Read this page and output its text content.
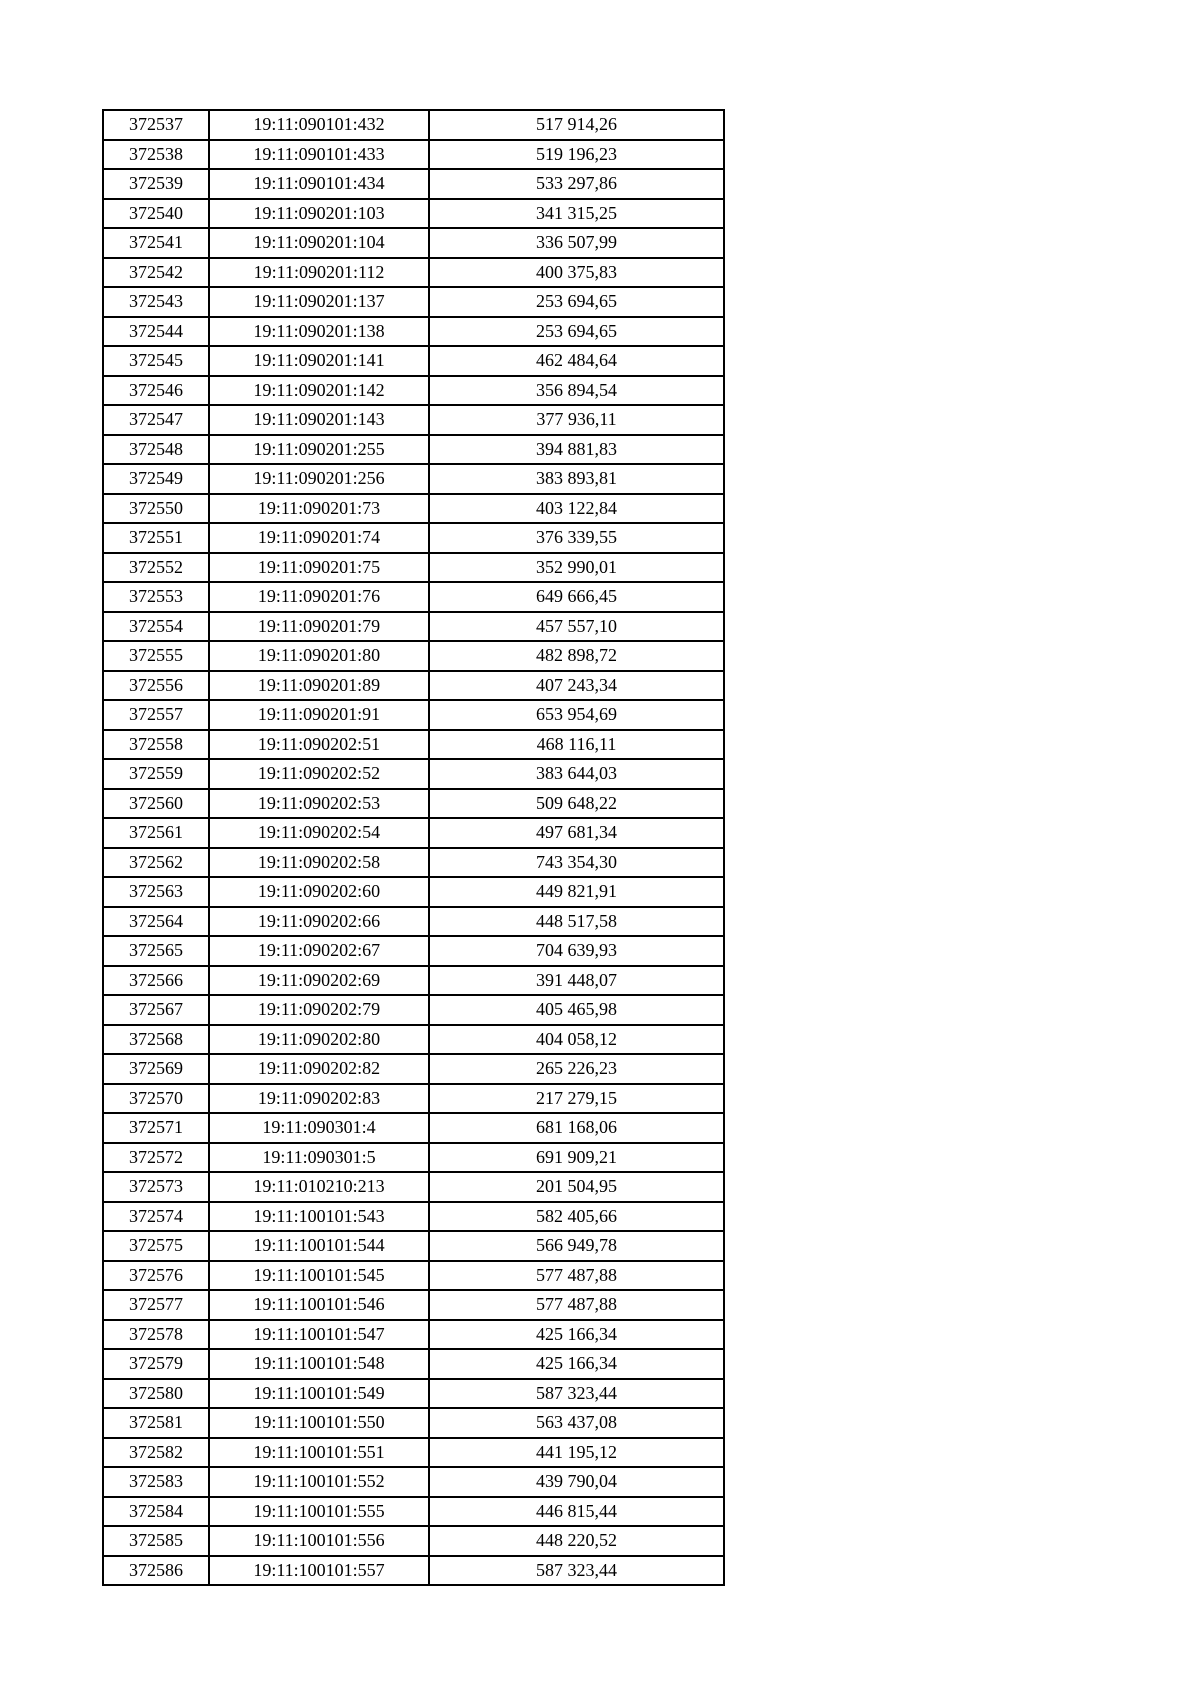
372537	19:11:090101:432	517 914,26
372538	19:11:090101:433	519 196,23
372539	19:11:090101:434	533 297,86
372540	19:11:090201:103	341 315,25
372541	19:11:090201:104	336 507,99
372542	19:11:090201:112	400 375,83
372543	19:11:090201:137	253 694,65
372544	19:11:090201:138	253 694,65
372545	19:11:090201:141	462 484,64
372546	19:11:090201:142	356 894,54
372547	19:11:090201:143	377 936,11
372548	19:11:090201:255	394 881,83
372549	19:11:090201:256	383 893,81
372550	19:11:090201:73	403 122,84
372551	19:11:090201:74	376 339,55
372552	19:11:090201:75	352 990,01
372553	19:11:090201:76	649 666,45
372554	19:11:090201:79	457 557,10
372555	19:11:090201:80	482 898,72
372556	19:11:090201:89	407 243,34
372557	19:11:090201:91	653 954,69
372558	19:11:090202:51	468 116,11
372559	19:11:090202:52	383 644,03
372560	19:11:090202:53	509 648,22
372561	19:11:090202:54	497 681,34
372562	19:11:090202:58	743 354,30
372563	19:11:090202:60	449 821,91
372564	19:11:090202:66	448 517,58
372565	19:11:090202:67	704 639,93
372566	19:11:090202:69	391 448,07
372567	19:11:090202:79	405 465,98
372568	19:11:090202:80	404 058,12
372569	19:11:090202:82	265 226,23
372570	19:11:090202:83	217 279,15
372571	19:11:090301:4	681 168,06
372572	19:11:090301:5	691 909,21
372573	19:11:010210:213	201 504,95
372574	19:11:100101:543	582 405,66
372575	19:11:100101:544	566 949,78
372576	19:11:100101:545	577 487,88
372577	19:11:100101:546	577 487,88
372578	19:11:100101:547	425 166,34
372579	19:11:100101:548	425 166,34
372580	19:11:100101:549	587 323,44
372581	19:11:100101:550	563 437,08
372582	19:11:100101:551	441 195,12
372583	19:11:100101:552	439 790,04
372584	19:11:100101:555	446 815,44
372585	19:11:100101:556	448 220,52
372586	19:11:100101:557	587 323,44
